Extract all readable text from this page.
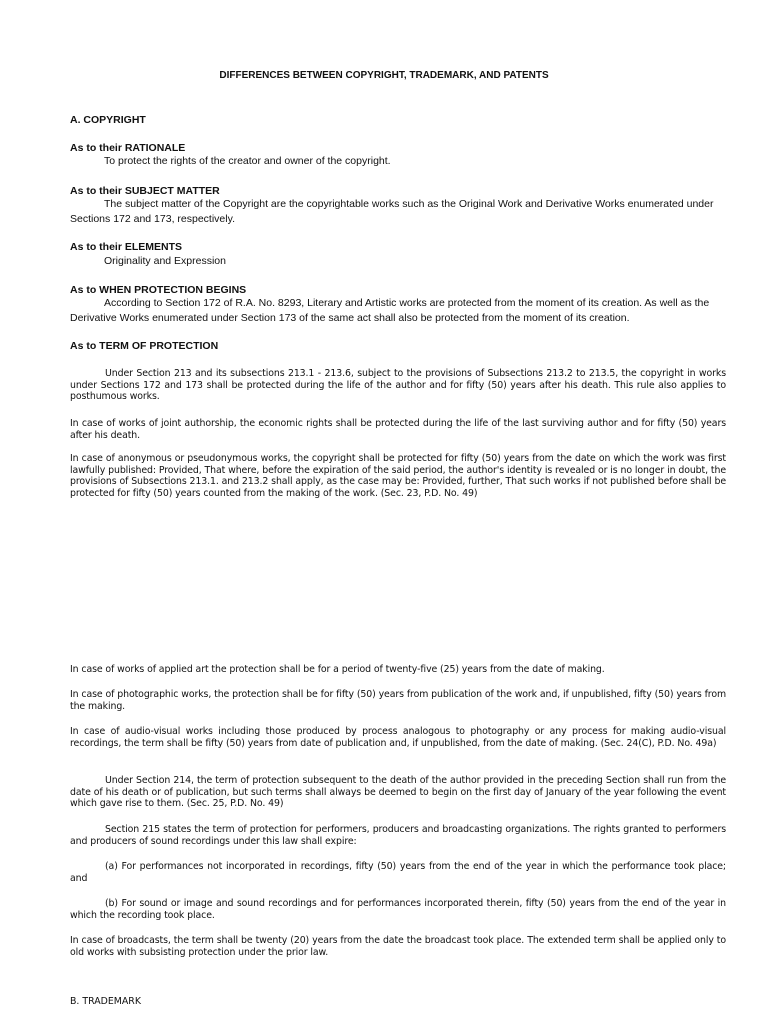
DIFFERENCES BETWEEN COPYRIGHT, TRADEMARK, AND PATENTS
A. COPYRIGHT
As to their RATIONALE
To protect the rights of the creator and owner of the copyright.
As to their SUBJECT MATTER
The subject matter of the Copyright are the copyrightable works such as the Original Work and Derivative Works enumerated under Sections 172 and 173, respectively.
As to their ELEMENTS
Originality and Expression
As to WHEN PROTECTION BEGINS
According to Section 172 of R.A. No. 8293, Literary and Artistic works are protected from the moment of its creation. As well as the Derivative Works enumerated under Section 173 of the same act shall also be protected from the moment of its creation.
As to TERM OF PROTECTION
Under Section 213 and its subsections 213.1 - 213.6, subject to the provisions of Subsections 213.2 to 213.5, the copyright in works under Sections 172 and 173 shall be protected during the life of the author and for fifty (50) years after his death. This rule also applies to posthumous works.
In case of works of joint authorship, the economic rights shall be protected during the life of the last surviving author and for fifty (50) years after his death.
In case of anonymous or pseudonymous works, the copyright shall be protected for fifty (50) years from the date on which the work was first lawfully published: Provided, That where, before the expiration of the said period, the author's identity is revealed or is no longer in doubt, the provisions of Subsections 213.1. and 213.2 shall apply, as the case may be: Provided, further, That such works if not published before shall be protected for fifty (50) years counted from the making of the work. (Sec. 23, P.D. No. 49)
In case of works of applied art the protection shall be for a period of twenty-five (25) years from the date of making.
In case of photographic works, the protection shall be for fifty (50) years from publication of the work and, if unpublished, fifty (50) years from the making.
In case of audio-visual works including those produced by process analogous to photography or any process for making audio-visual recordings, the term shall be fifty (50) years from date of publication and, if unpublished, from the date of making. (Sec. 24(C), P.D. No. 49a)
Under Section 214, the term of protection subsequent to the death of the author provided in the preceding Section shall run from the date of his death or of publication, but such terms shall always be deemed to begin on the first day of January of the year following the event which gave rise to them. (Sec. 25, P.D. No. 49)
Section 215 states the term of protection for performers, producers and broadcasting organizations. The rights granted to performers and producers of sound recordings under this law shall expire:
(a) For performances not incorporated in recordings, fifty (50) years from the end of the year in which the performance took place; and
(b) For sound or image and sound recordings and for performances incorporated therein, fifty (50) years from the end of the year in which the recording took place.
In case of broadcasts, the term shall be twenty (20) years from the date the broadcast took place. The extended term shall be applied only to old works with subsisting protection under the prior law.
B. TRADEMARK
